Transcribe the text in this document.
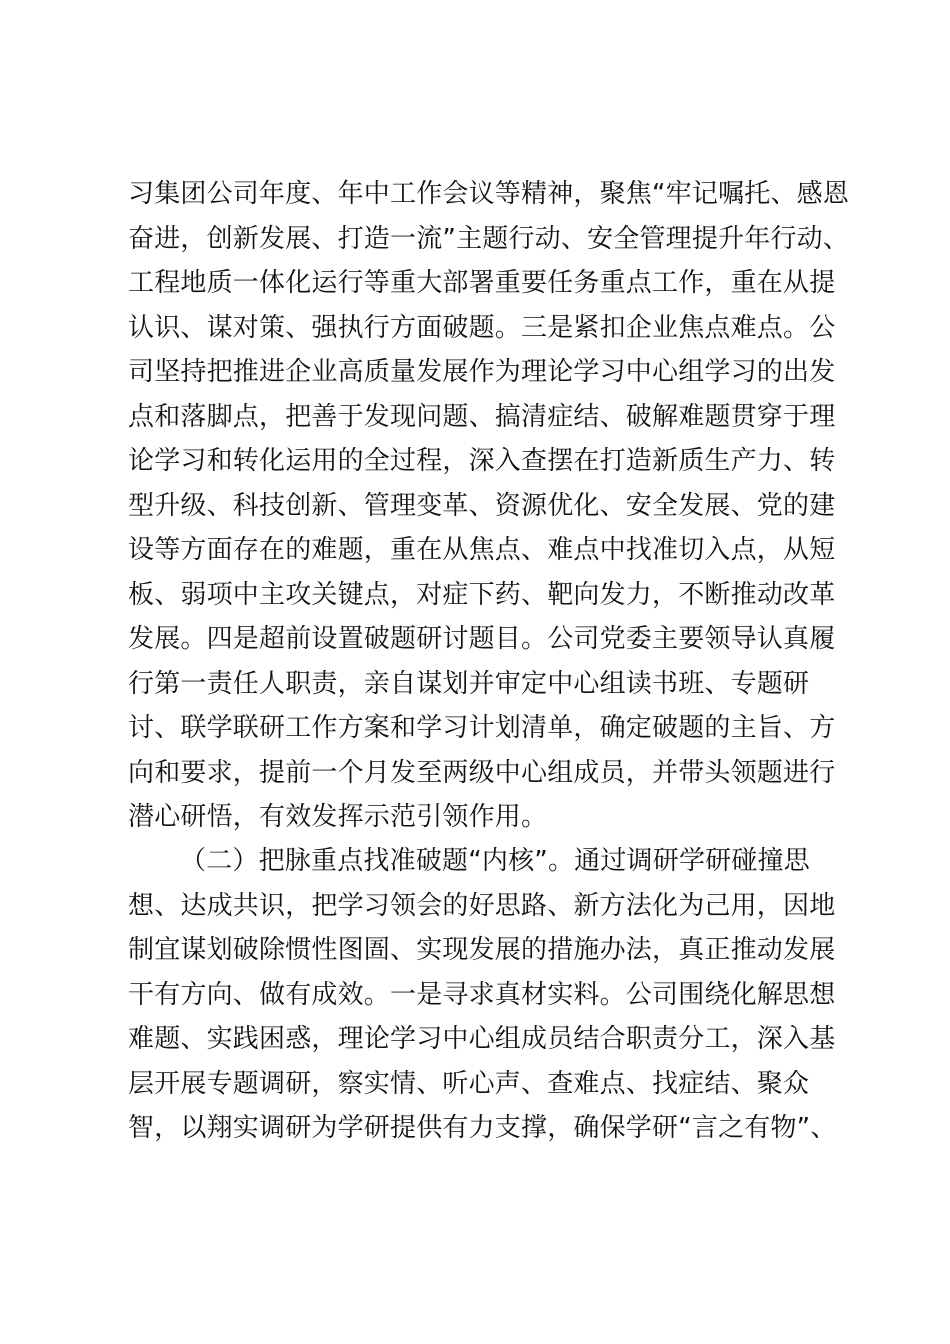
习集团公司年度、年中工作会议等精神，聚焦“牢记嘱托、感恩
奋进，创新发展、打造一流”主题行动、安全管理提升年行动、
工程地质一体化运行等重大部署重要任务重点工作，重在从提
认识、谋对策、强执行方面破题。三是紧扣企业焦点难点。公
司坚持把推进企业高质量发展作为理论学习中心组学习的出发
点和落脚点，把善于发现问题、搞清症结、破解难题贯穿于理
论学习和转化运用的全过程，深入查摆在打造新质生产力、转
型升级、科技创新、管理变革、资源优化、安全发展、党的建
设等方面存在的难题，重在从焦点、难点中找准切入点，从短
板、弱项中主攻关键点，对症下药、靶向发力，不断推动改革
发展。四是超前设置破题研讨题目。公司党委主要领导认真履
行第一责任人职责，亲自谋划并审定中心组读书班、专题研
讨、联学联研工作方案和学习计划清单，确定破题的主旨、方
向和要求，提前一个月发至两级中心组成员，并带头领题进行
潜心研悟，有效发挥示范引领作用。
（二）把脉重点找准破题“内核”。通过调研学研碰撞思
想、达成共识，把学习领会的好思路、新方法化为己用，因地
制宜谋划破除惯性图圄、实现发展的措施办法，真正推动发展
干有方向、做有成效。一是寻求真材实料。公司围绕化解思想
难题、实践困惑，理论学习中心组成员结合职责分工，深入基
层开展专题调研，察实情、听心声、查难点、找症结、聚众
智，以翔实调研为学研提供有力支撑，确保学研“言之有物”、
